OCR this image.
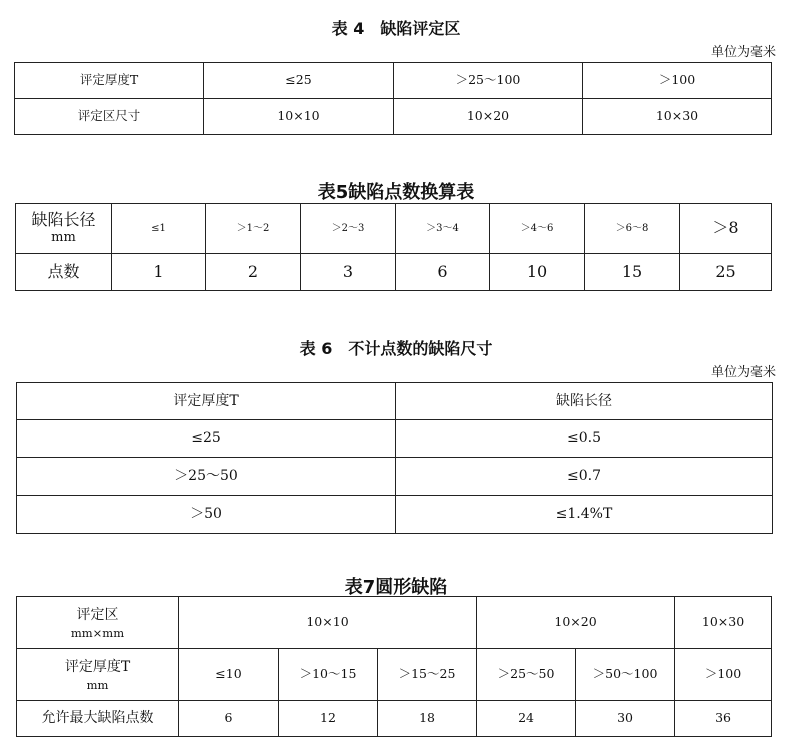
表 4　缺陷评定区
单位为毫米
评定厚度T	≤25	＞25～100	＞100
评定区尺寸	10×10	10×20	10×30
表5缺陷点数换算表
缺陷长径
mm	≤1	＞1～2	＞2～3	＞3～4	＞4～6	＞6～8	＞8
点数	1	2	3	6	10	15	25
表 6　不计点数的缺陷尺寸
单位为毫米
评定厚度T	缺陷长径
≤25	≤0.5
＞25～50	≤0.7
＞50	≤1.4%T
表7圆形缺陷
评定区
mm×mm	10×10			10×20		10×30
评定厚度T
mm	≤10	＞10～15	＞15～25	＞25～50	＞50～100	＞100
允许最大缺陷点数	6	12	18	24	30	36
